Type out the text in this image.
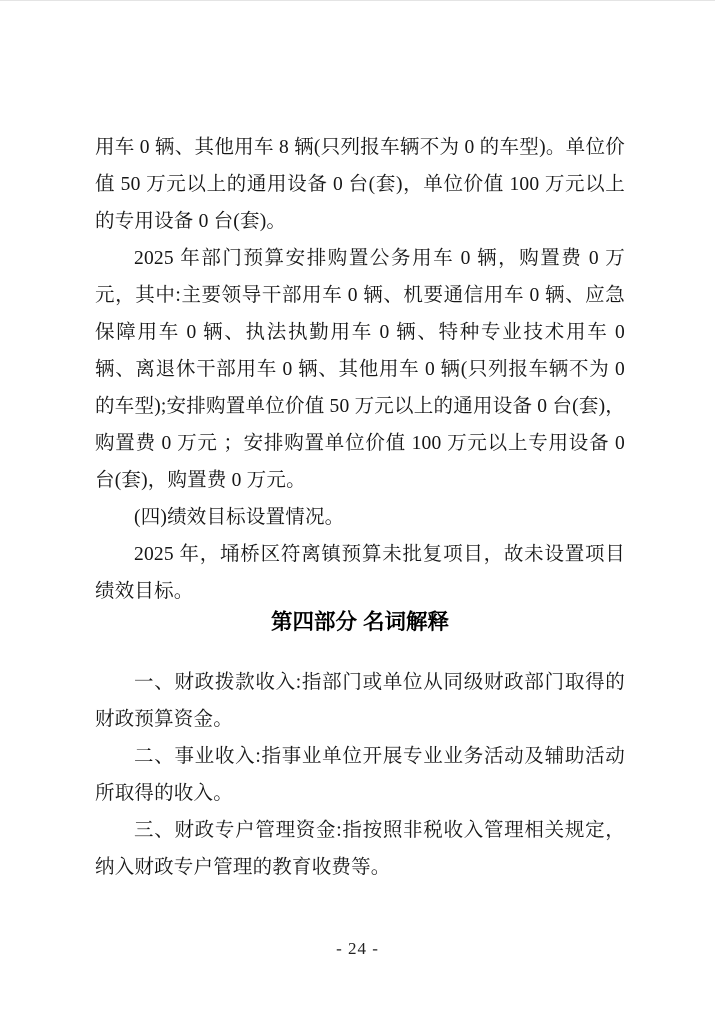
用车 0 辆、其他用车 8 辆(只列报车辆不为 0 的车型)。单位价值 50 万元以上的通用设备 0 台(套)，单位价值 100 万元以上的专用设备 0 台(套)。

2025 年部门预算安排购置公务用车 0 辆，购置费 0 万元，其中:主要领导干部用车 0 辆、机要通信用车 0 辆、应急保障用车 0 辆、执法执勤用车 0 辆、特种专业技术用车 0 辆、离退休干部用车 0 辆、其他用车 0 辆(只列报车辆不为 0 的车型);安排购置单位价值 50 万元以上的通用设备 0 台(套)，购置费 0 万元 ；安排购置单位价值 100 万元以上专用设备 0 台(套)，购置费 0 万元。

(四)绩效目标设置情况。

2025 年，埇桥区符离镇预算未批复项目，故未设置项目绩效目标。

第四部分 名词解释

一、财政拨款收入:指部门或单位从同级财政部门取得的财政预算资金。

二、事业收入:指事业单位开展专业业务活动及辅助活动所取得的收入。

三、财政专户管理资金:指按照非税收入管理相关规定，纳入财政专户管理的教育收费等。

- 24 -
